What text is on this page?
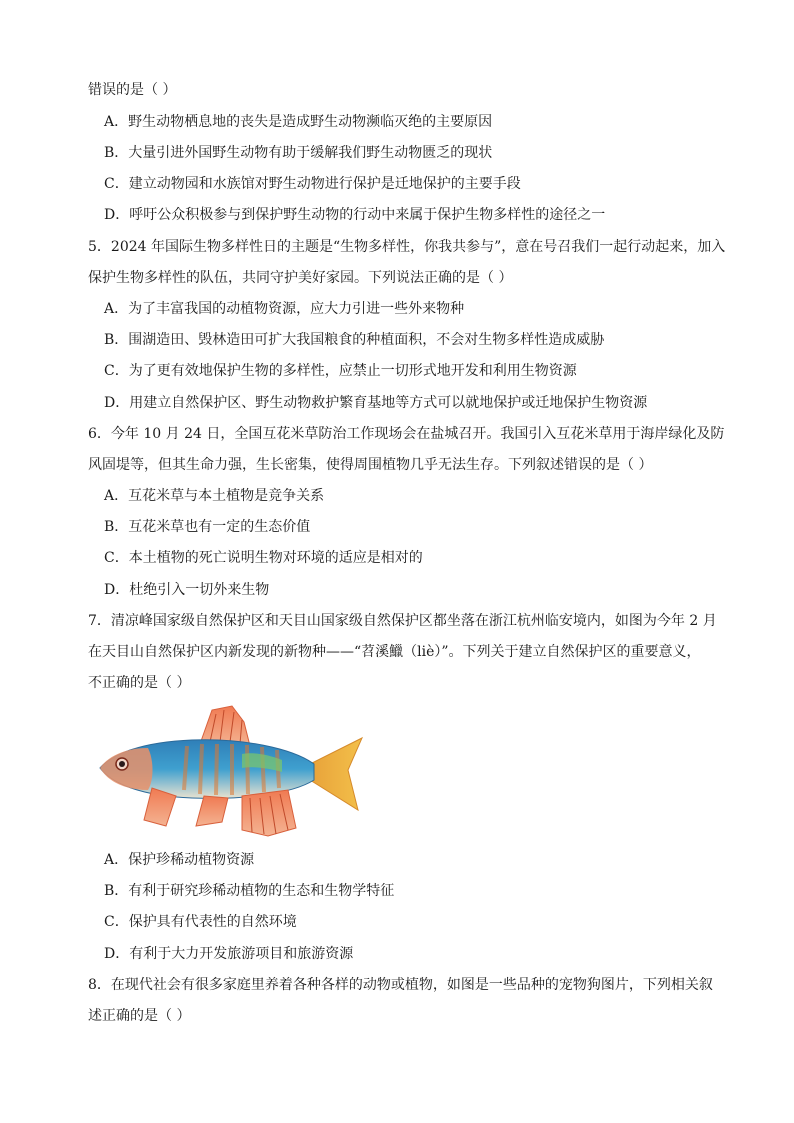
错误的是（ ）
A．野生动物栖息地的丧失是造成野生动物濒临灭绝的主要原因
B．大量引进外国野生动物有助于缓解我们野生动物匮乏的现状
C．建立动物园和水族馆对野生动物进行保护是迁地保护的主要手段
D．呼吁公众积极参与到保护野生动物的行动中来属于保护生物多样性的途径之一
5．2024 年国际生物多样性日的主题是“生物多样性，你我共参与”，意在号召我们一起行动起来，加入
保护生物多样性的队伍，共同守护美好家园。下列说法正确的是（ ）
A．为了丰富我国的动植物资源，应大力引进一些外来物种
B．围湖造田、毁林造田可扩大我国粮食的种植面积，不会对生物多样性造成威胁
C．为了更有效地保护生物的多样性，应禁止一切形式地开发和利用生物资源
D．用建立自然保护区、野生动物救护繁育基地等方式可以就地保护或迁地保护生物资源
6．今年 10 月 24 日，全国互花米草防治工作现场会在盐城召开。我国引入互花米草用于海岸绿化及防
风固堤等，但其生命力强，生长密集，使得周围植物几乎无法生存。下列叙述错误的是（ ）
A．互花米草与本土植物是竞争关系
B．互花米草也有一定的生态价值
C．本土植物的死亡说明生物对环境的适应是相对的
D．杜绝引入一切外来生物
7．清凉峰国家级自然保护区和天目山国家级自然保护区都坐落在浙江杭州临安境内，如图为今年 2 月
在天目山自然保护区内新发现的新物种——“苕溪鱲（liè）”。下列关于建立自然保护区的重要意义，
不正确的是（ ）
A．保护珍稀动植物资源
B．有利于研究珍稀动植物的生态和生物学特征
C．保护具有代表性的自然环境
D．有利于大力开发旅游项目和旅游资源
8．在现代社会有很多家庭里养着各种各样的动物或植物，如图是一些品种的宠物狗图片，下列相关叙
述正确的是（ ）
